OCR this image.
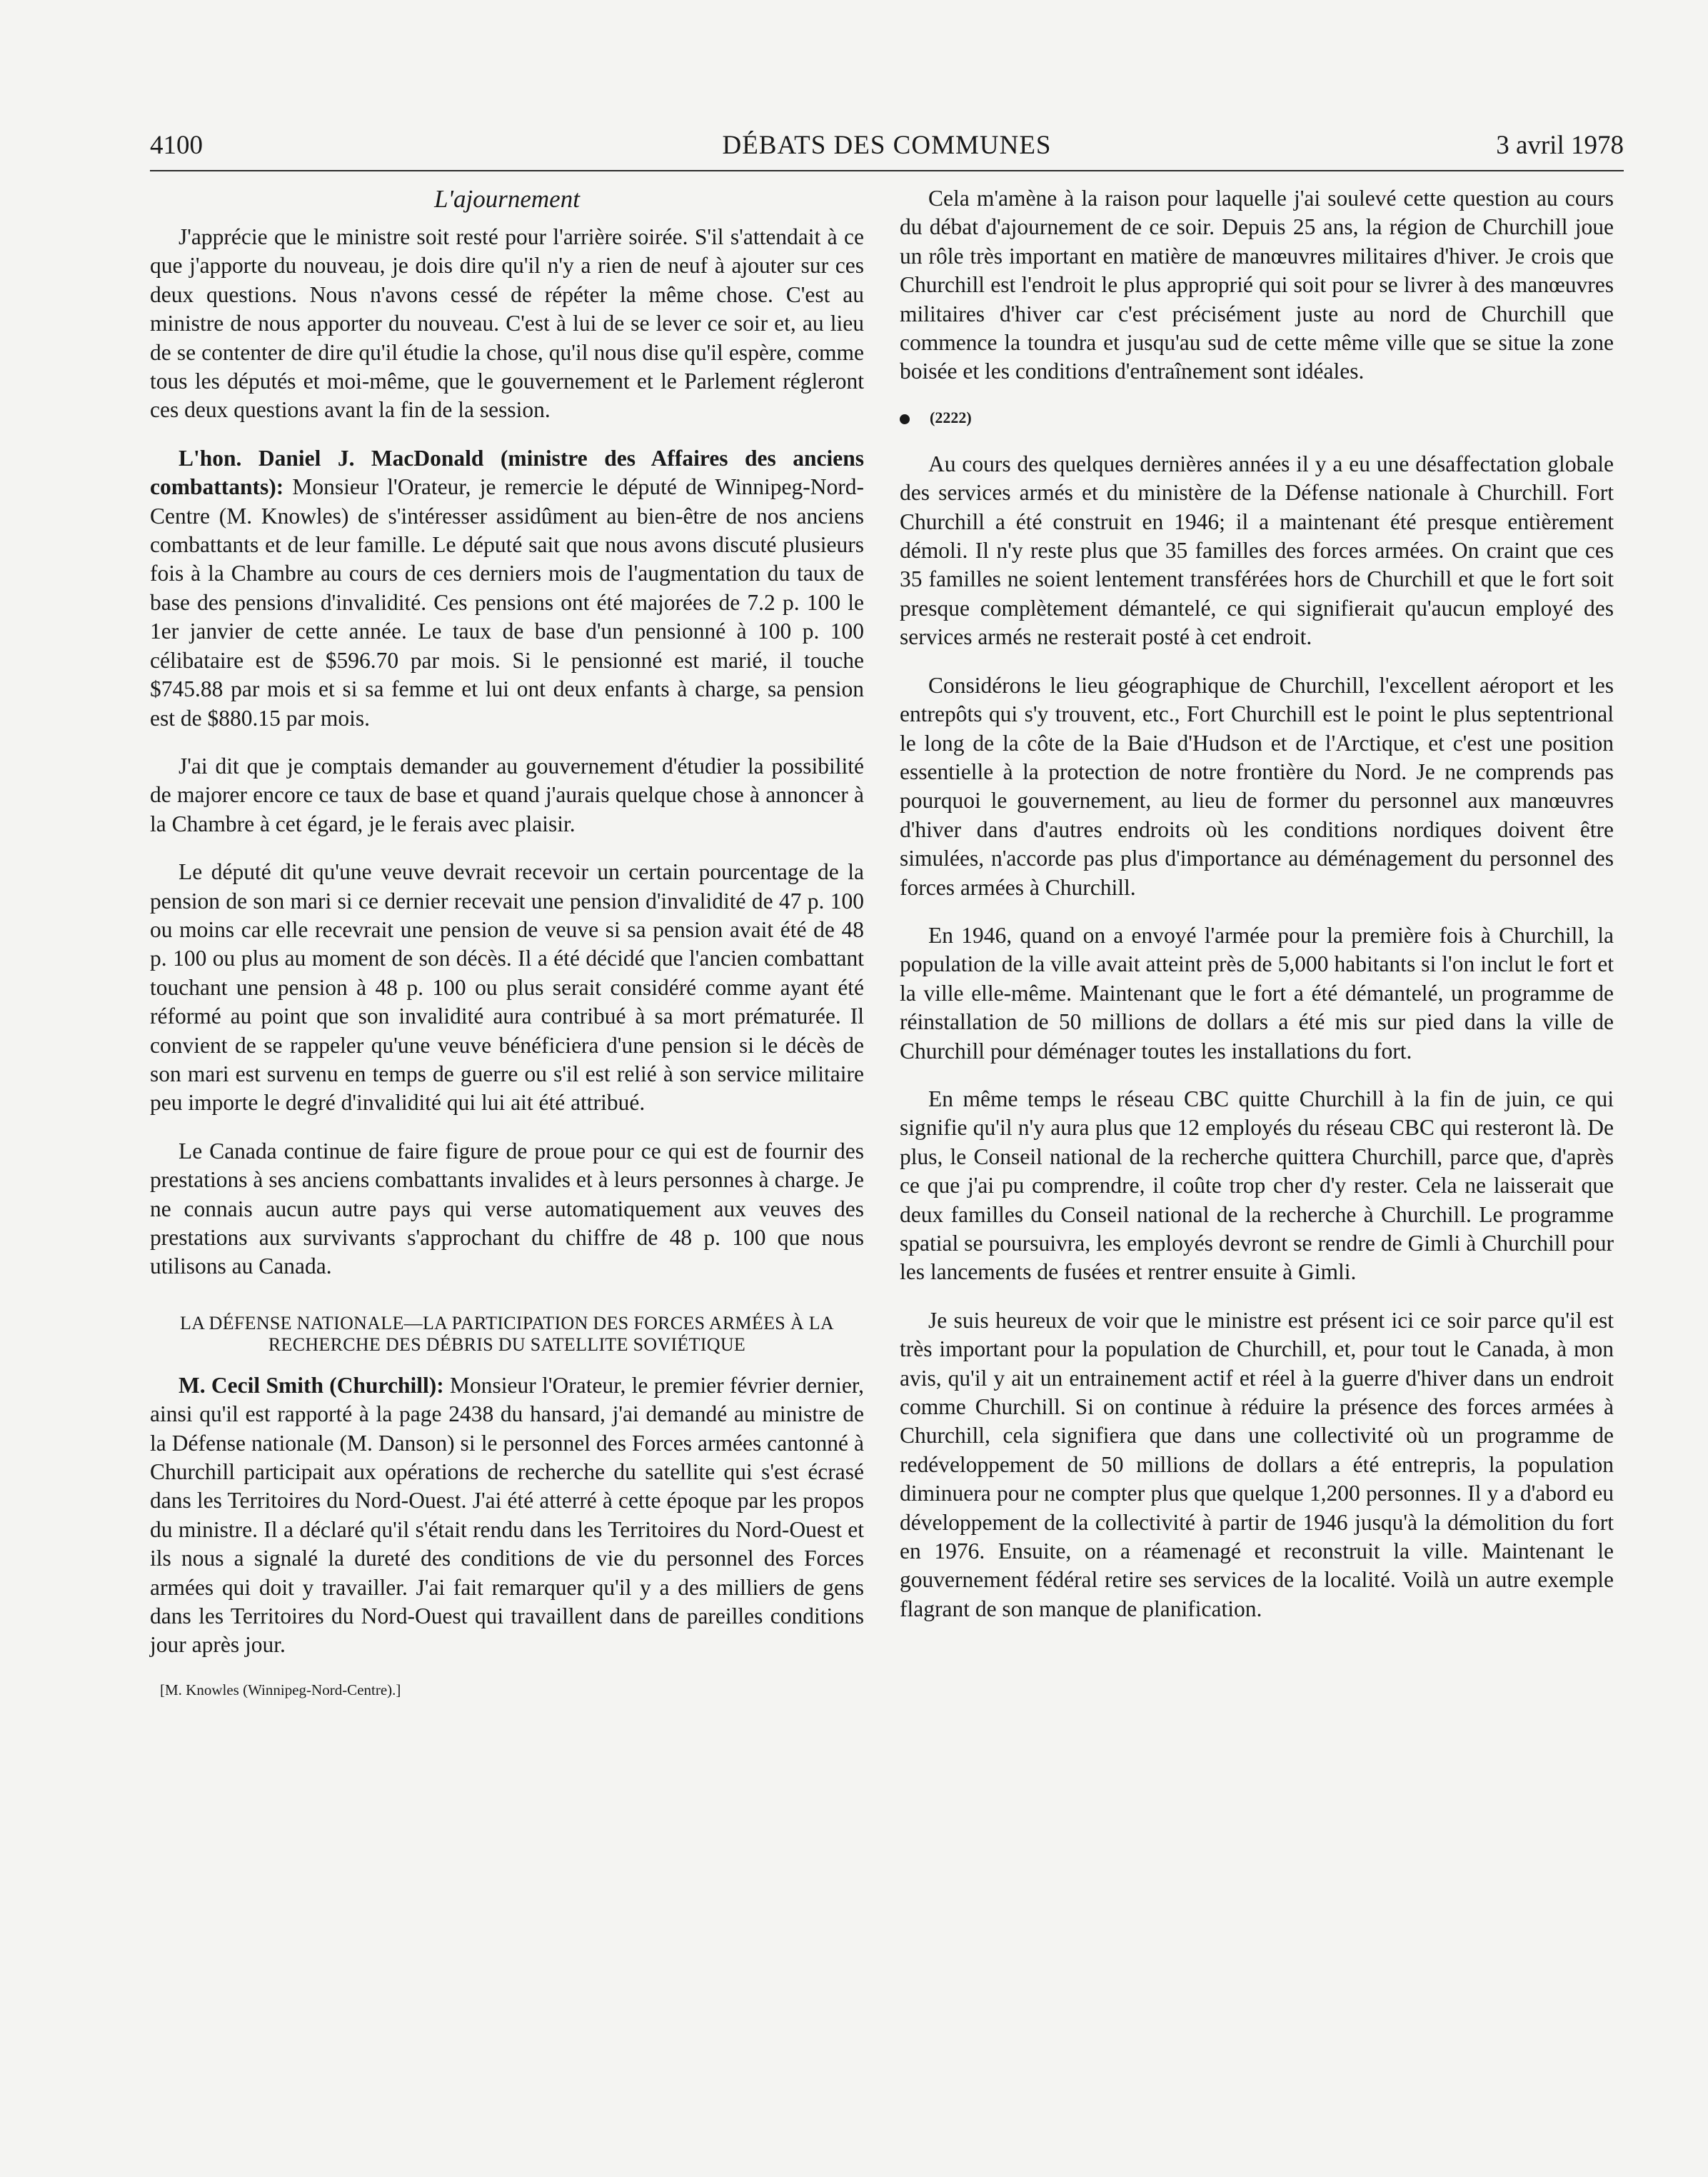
4100	DÉBATS DES COMMUNES	3 avril 1978
L'ajournement

J'apprécie que le ministre soit resté pour l'arrière soirée. S'il s'attendait à ce que j'apporte du nouveau, je dois dire qu'il n'y a rien de neuf à ajouter sur ces deux questions. Nous n'avons cessé de répéter la même chose. C'est au ministre de nous apporter du nouveau. C'est à lui de se lever ce soir et, au lieu de se contenter de dire qu'il étudie la chose, qu'il nous dise qu'il espère, comme tous les députés et moi-même, que le gouvernement et le Parlement régleront ces deux questions avant la fin de la session.

L'hon. Daniel J. MacDonald (ministre des Affaires des anciens combattants): Monsieur l'Orateur, je remercie le député de Winnipeg-Nord-Centre (M. Knowles) de s'intéresser assidûment au bien-être de nos anciens combattants et de leur famille. Le député sait que nous avons discuté plusieurs fois à la Chambre au cours de ces derniers mois de l'augmentation du taux de base des pensions d'invalidité. Ces pensions ont été majorées de 7.2 p. 100 le 1er janvier de cette année. Le taux de base d'un pensionné à 100 p. 100 célibataire est de $596.70 par mois. Si le pensionné est marié, il touche $745.88 par mois et si sa femme et lui ont deux enfants à charge, sa pension est de $880.15 par mois.

J'ai dit que je comptais demander au gouvernement d'étudier la possibilité de majorer encore ce taux de base et quand j'aurais quelque chose à annoncer à la Chambre à cet égard, je le ferais avec plaisir.

Le député dit qu'une veuve devrait recevoir un certain pourcentage de la pension de son mari si ce dernier recevait une pension d'invalidité de 47 p. 100 ou moins car elle recevrait une pension de veuve si sa pension avait été de 48 p. 100 ou plus au moment de son décès. Il a été décidé que l'ancien combattant touchant une pension à 48 p. 100 ou plus serait considéré comme ayant été réformé au point que son invalidité aura contribué à sa mort prématurée. Il convient de se rappeler qu'une veuve bénéficiera d'une pension si le décès de son mari est survenu en temps de guerre ou s'il est relié à son service militaire peu importe le degré d'invalidité qui lui ait été attribué.

Le Canada continue de faire figure de proue pour ce qui est de fournir des prestations à ses anciens combattants invalides et à leurs personnes à charge. Je ne connais aucun autre pays qui verse automatiquement aux veuves des prestations aux survivants s'approchant du chiffre de 48 p. 100 que nous utilisons au Canada.

LA DÉFENSE NATIONALE—LA PARTICIPATION DES FORCES ARMÉES À LA RECHERCHE DES DÉBRIS DU SATELLITE SOVIÉTIQUE

M. Cecil Smith (Churchill): Monsieur l'Orateur, le premier février dernier, ainsi qu'il est rapporté à la page 2438 du hansard, j'ai demandé au ministre de la Défense nationale (M. Danson) si le personnel des Forces armées cantonné à Churchill participait aux opérations de recherche du satellite qui s'est écrasé dans les Territoires du Nord-Ouest. J'ai été atterré à cette époque par les propos du ministre. Il a déclaré qu'il s'était rendu dans les Territoires du Nord-Ouest et ils nous a signalé la dureté des conditions de vie du personnel des Forces armées qui doit y travailler. J'ai fait remarquer qu'il y a des milliers de gens dans les Territoires du Nord-Ouest qui travaillent dans de pareilles conditions jour après jour.

[M. Knowles (Winnipeg-Nord-Centre).]

Cela m'amène à la raison pour laquelle j'ai soulevé cette question au cours du débat d'ajournement de ce soir. Depuis 25 ans, la région de Churchill joue un rôle très important en matière de manœuvres militaires d'hiver. Je crois que Churchill est l'endroit le plus approprié qui soit pour se livrer à des manœuvres militaires d'hiver car c'est précisément juste au nord de Churchill que commence la toundra et jusqu'au sud de cette même ville que se situe la zone boisée et les conditions d'entraînement sont idéales.

(2222)

Au cours des quelques dernières années il y a eu une désaffectation globale des services armés et du ministère de la Défense nationale à Churchill. Fort Churchill a été construit en 1946; il a maintenant été presque entièrement démoli. Il n'y reste plus que 35 familles des forces armées. On craint que ces 35 familles ne soient lentement transférées hors de Churchill et que le fort soit presque complètement démantelé, ce qui signifierait qu'aucun employé des services armés ne resterait posté à cet endroit.

Considérons le lieu géographique de Churchill, l'excellent aéroport et les entrepôts qui s'y trouvent, etc., Fort Churchill est le point le plus septentrional le long de la côte de la Baie d'Hudson et de l'Arctique, et c'est une position essentielle à la protection de notre frontière du Nord. Je ne comprends pas pourquoi le gouvernement, au lieu de former du personnel aux manœuvres d'hiver dans d'autres endroits où les conditions nordiques doivent être simulées, n'accorde pas plus d'importance au déménagement du personnel des forces armées à Churchill.

En 1946, quand on a envoyé l'armée pour la première fois à Churchill, la population de la ville avait atteint près de 5,000 habitants si l'on inclut le fort et la ville elle-même. Maintenant que le fort a été démantelé, un programme de réinstallation de 50 millions de dollars a été mis sur pied dans la ville de Churchill pour déménager toutes les installations du fort.

En même temps le réseau CBC quitte Churchill à la fin de juin, ce qui signifie qu'il n'y aura plus que 12 employés du réseau CBC qui resteront là. De plus, le Conseil national de la recherche quittera Churchill, parce que, d'après ce que j'ai pu comprendre, il coûte trop cher d'y rester. Cela ne laisserait que deux familles du Conseil national de la recherche à Churchill. Le programme spatial se poursuivra, les employés devront se rendre de Gimli à Churchill pour les lancements de fusées et rentrer ensuite à Gimli.

Je suis heureux de voir que le ministre est présent ici ce soir parce qu'il est très important pour la population de Churchill, et, pour tout le Canada, à mon avis, qu'il y ait un entrainement actif et réel à la guerre d'hiver dans un endroit comme Churchill. Si on continue à réduire la présence des forces armées à Churchill, cela signifiera que dans une collectivité où un programme de redéveloppement de 50 millions de dollars a été entrepris, la population diminuera pour ne compter plus que quelque 1,200 personnes. Il y a d'abord eu développement de la collectivité à partir de 1946 jusqu'à la démolition du fort en 1976. Ensuite, on a réamenagé et reconstruit la ville. Maintenant le gouvernement fédéral retire ses services de la localité. Voilà un autre exemple flagrant de son manque de planification.
